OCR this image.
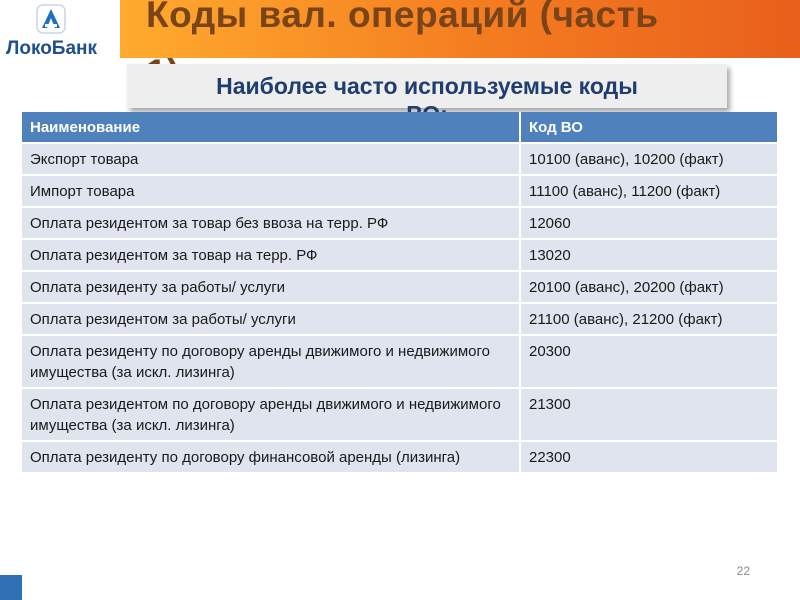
Коды вал. операций (часть

ЛокоБанк
Наиболее часто используемые коды

Наименование	Код ВО
Экспорт товара	10100 (аванс), 10200 (факт)
Импорт товара	11100 (аванс), 11200 (факт)
Оплата резидентом за товар без ввоза на терр. РФ	12060
Оплата резидентом за товар на терр. РФ	13020
Оплата резиденту за работы/ услуги	20100 (аванс), 20200 (факт)
Оплата резидентом за работы/ услуги	21100 (аванс), 21200 (факт)
Оплата резиденту по договору аренды движимого и недвижимого имущества (за искл. лизинга)	20300
Оплата резидентом по договору аренды движимого и недвижимого имущества (за искл. лизинга)	21300
Оплата резиденту по договору финансовой аренды (лизинга)	22300
22
